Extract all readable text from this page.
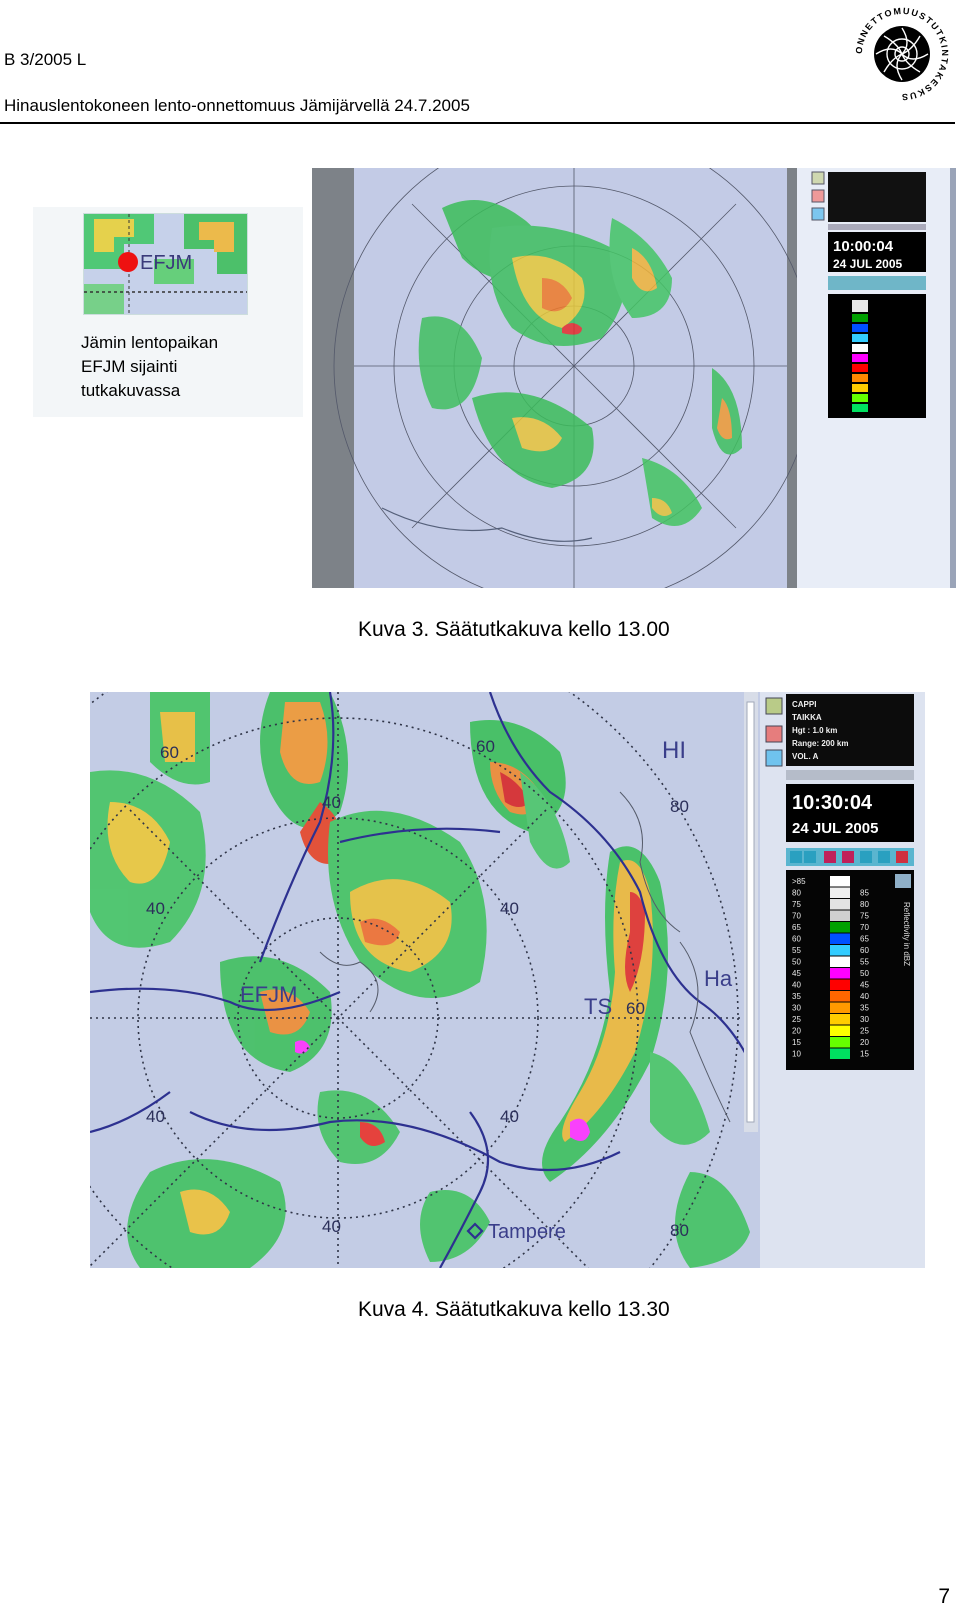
B 3/2005 L
Hinauslentokoneen lento-onnettomuus Jämijärvellä 24.7.2005
ONNETTOMUUSTUTKINTAKESKUS
EFJM
Jämin lentopaikan
EFJM sijainti
tutkakuvassa
10:00:04
24 JUL 2005
Kuva 3. Säätutkakuva kello 13.00
60	60
40	80
40	40
60
40	40
40	80
EFJM	TS
HI
Ha
Tampere
CAPPI
TAIKKA
Hgt : 1.0 km
Range: 200 km
VOL. A
10:30:04
24 JUL 2005
>85
80	85
75	80
70	75
65	70
60	65
55	60
50	55
45	50
40	45
35	40
30	35
25	30
20	25
15	20
10	15
Reflectivity in dBZ
Kuva 4. Säätutkakuva kello 13.30
7
